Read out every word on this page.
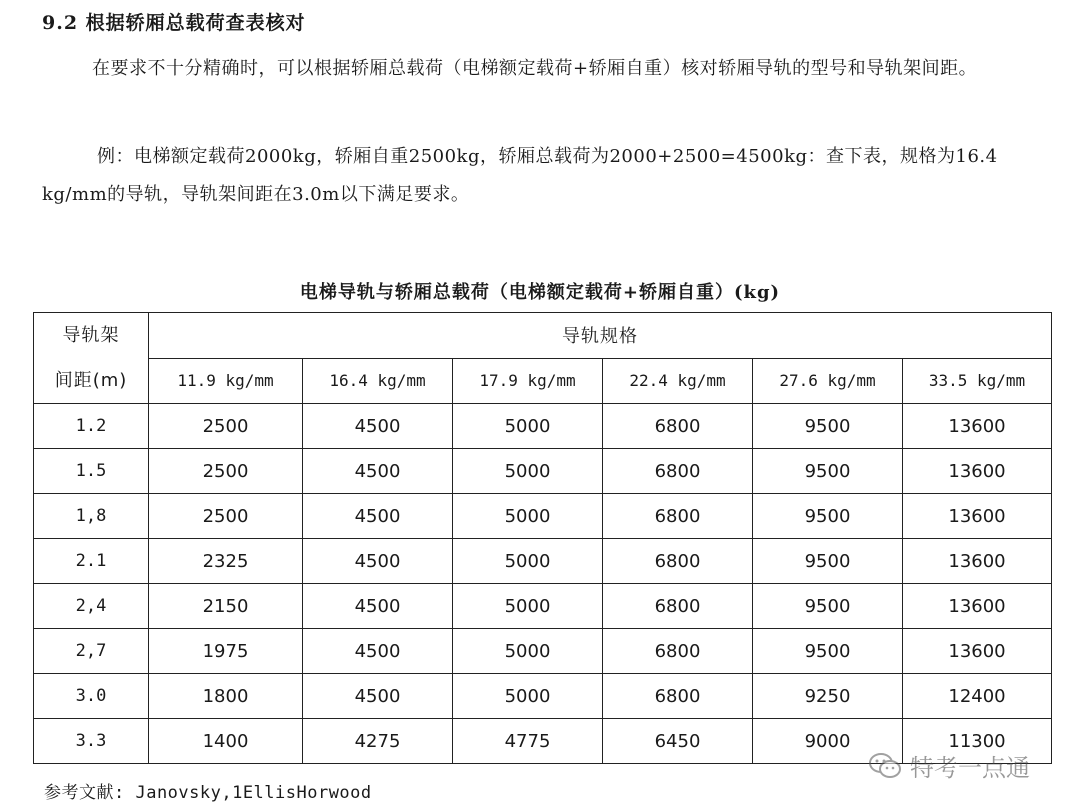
9.2 根据轿厢总载荷查表核对
在要求不十分精确时，可以根据轿厢总载荷（电梯额定载荷+轿厢自重）核对轿厢导轨的型号和导轨架间距。
例：电梯额定载荷2000kg，轿厢自重2500kg，轿厢总载荷为2000+2500=4500kg：查下表，规格为16.4 kg/mm的导轨，导轨架间距在3.0m以下满足要求。
电梯导轨与轿厢总载荷（电梯额定载荷+轿厢自重）(kg)
导轨架
间距(m)	导轨规格					
	11.9 kg/mm	16.4 kg/mm	17.9 kg/mm	22.4 kg/mm	27.6 kg/mm	33.5 kg/mm
1.2	2500	4500	5000	6800	9500	13600
1.5	2500	4500	5000	6800	9500	13600
1,8	2500	4500	5000	6800	9500	13600
2.1	2325	4500	5000	6800	9500	13600
2,4	2150	4500	5000	6800	9500	13600
2,7	1975	4500	5000	6800	9500	13600
3.0	1800	4500	5000	6800	9250	12400
3.3	1400	4275	4775	6450	9000	11300
参考文献: Janovsky,1EllisHorwood
特考一点通
